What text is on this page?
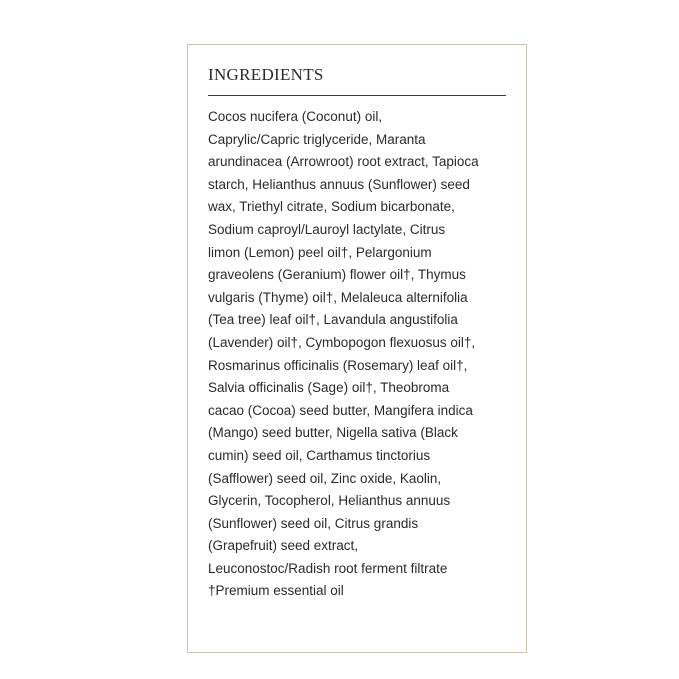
INGREDIENTS

Cocos nucifera (Coconut) oil,
Caprylic/Capric triglyceride, Maranta
arundinacea (Arrowroot) root extract, Tapioca
starch, Helianthus annuus (Sunflower) seed
wax, Triethyl citrate, Sodium bicarbonate,
Sodium caproyl/Lauroyl lactylate, Citrus
limon (Lemon) peel oil†, Pelargonium
graveolens (Geranium) flower oil†, Thymus
vulgaris (Thyme) oil†, Melaleuca alternifolia
(Tea tree) leaf oil†, Lavandula angustifolia
(Lavender) oil†, Cymbopogon flexuosus oil†,
Rosmarinus officinalis (Rosemary) leaf oil†,
Salvia officinalis (Sage) oil†, Theobroma
cacao (Cocoa) seed butter, Mangifera indica
(Mango) seed butter, Nigella sativa (Black
cumin) seed oil, Carthamus tinctorius
(Safflower) seed oil, Zinc oxide, Kaolin,
Glycerin, Tocopherol, Helianthus annuus
(Sunflower) seed oil, Citrus grandis
(Grapefruit) seed extract,
Leuconostoc/Radish root ferment filtrate
†Premium essential oil
